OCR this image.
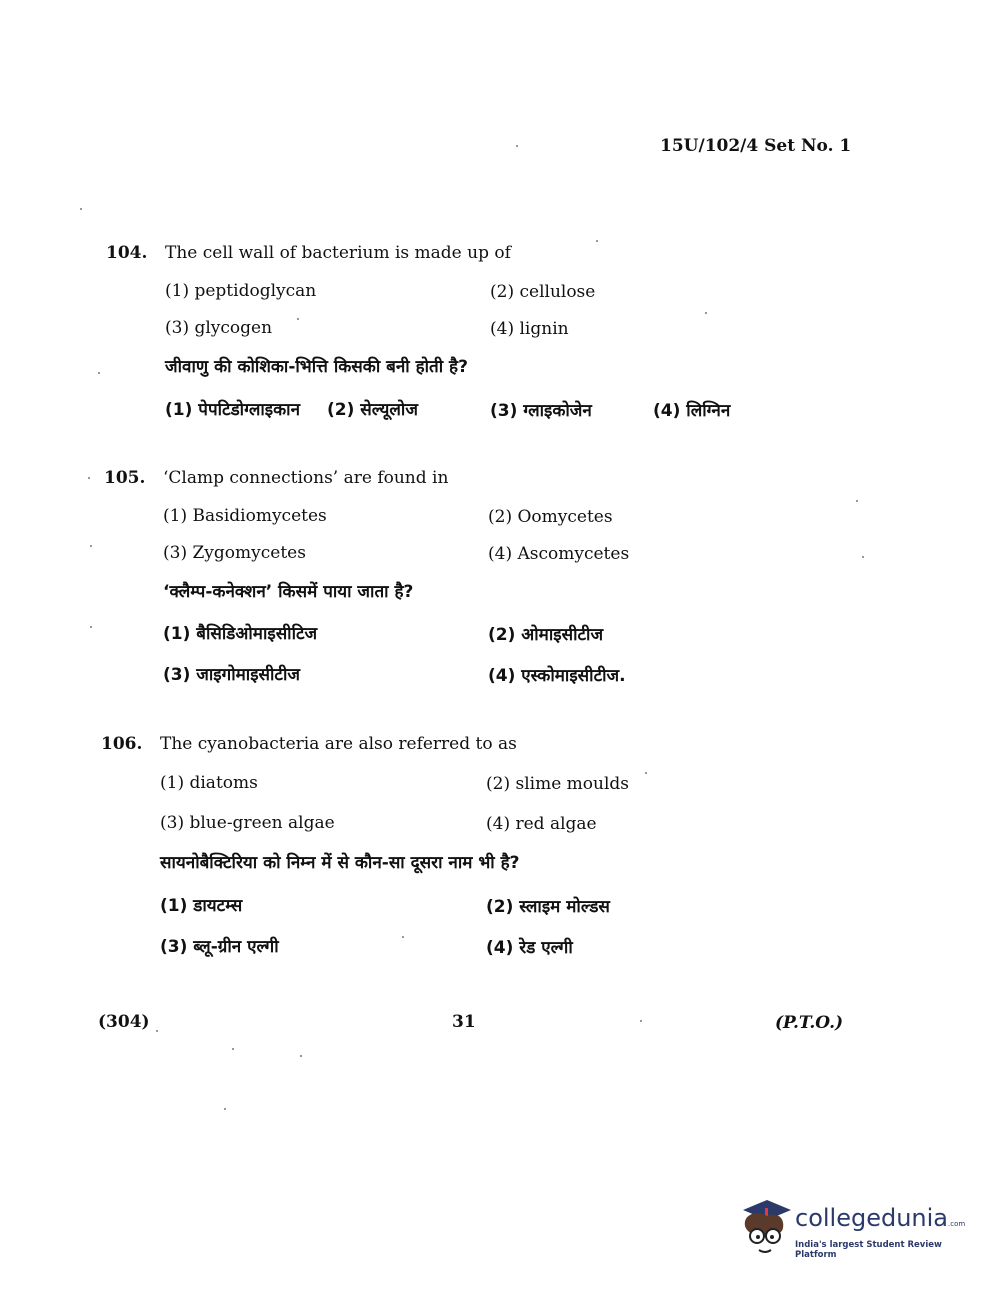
15U/102/4 Set No. 1
104. The cell wall of bacterium is made up of
(1) peptidoglycan	(2) cellulose
(3) glycogen	(4) lignin
जीवाणु की कोशिका-भित्ति किसकी बनी होती है?
(1) पेपटिडोग्लाइकान (2) सेल्यूलोज	(3) ग्लाइकोजेन	(4) लिग्निन
105. ‘Clamp connections’ are found in
(1) Basidiomycetes	(2) Oomycetes
(3) Zygomycetes	(4) Ascomycetes
‘क्लैम्प-कनेक्शन’ किसमें पाया जाता है?
(1) बैसिडिओमाइसीटिज	(2) ओमाइसीटीज
(3) जाइगोमाइसीटीज	(4) एस्कोमाइसीटीज.
106. The cyanobacteria are also referred to as
(1) diatoms	(2) slime moulds
(3) blue-green algae	(4) red algae
सायनोबैक्टिरिया को निम्न में से कौन-सा दूसरा नाम भी है?
(1) डायटम्स	(2) स्लाइम मोल्डस
(3) ब्लू-ग्रीन एल्गी	(4) रेड एल्गी
(304)	31	(P.T.O.)
collegedunia.com
India's largest Student Review Platform
